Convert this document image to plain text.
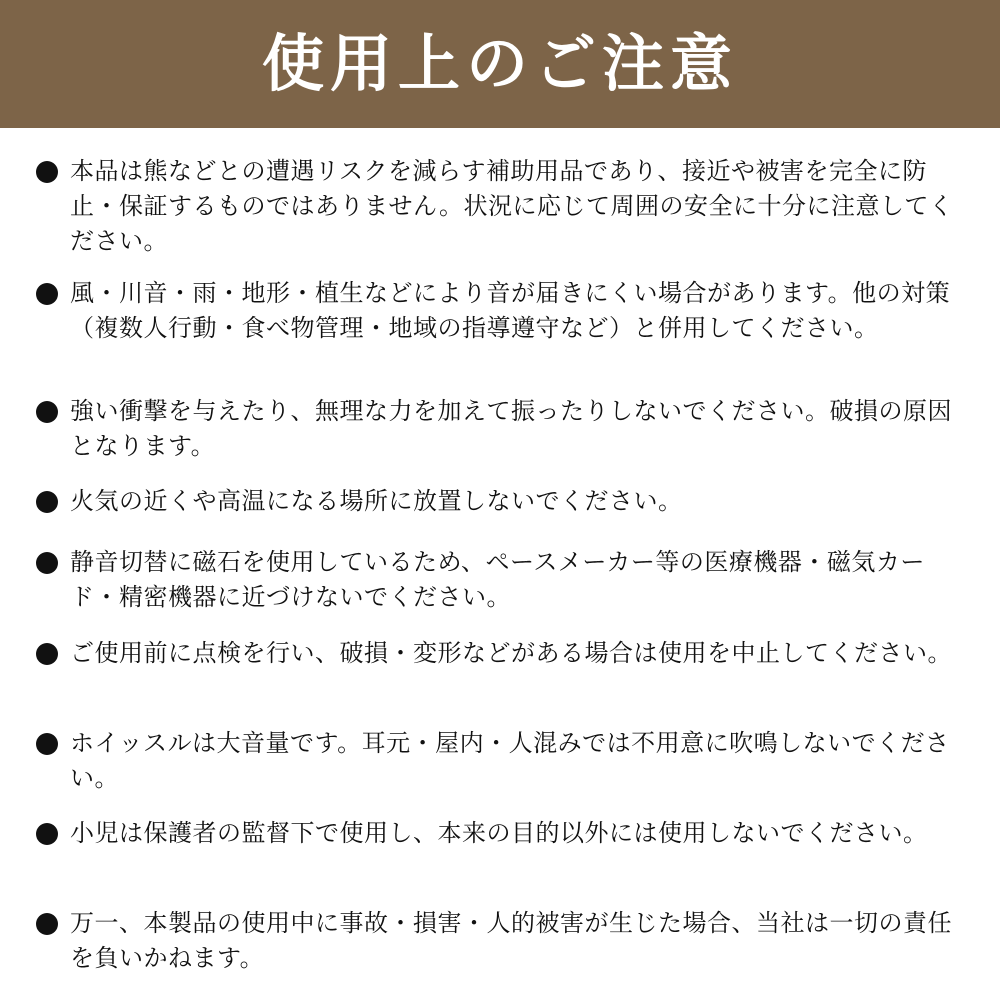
使用上のご注意

本品は熊などとの遭遇リスクを減らす補助用品であり、接近や被害を完全に防止・保証するものではありません。状況に応じて周囲の安全に十分に注意してください。

風・川音・雨・地形・植生などにより音が届きにくい場合があります。他の対策（複数人行動・食べ物管理・地域の指導遵守など）と併用してください。

強い衝撃を与えたり、無理な力を加えて振ったりしないでください。破損の原因となります。

火気の近くや高温になる場所に放置しないでください。

静音切替に磁石を使用しているため、ペースメーカー等の医療機器・磁気カード・精密機器に近づけないでください。

ご使用前に点検を行い、破損・変形などがある場合は使用を中止してください。

ホイッスルは大音量です。耳元・屋内・人混みでは不用意に吹鳴しないでください。

小児は保護者の監督下で使用し、本来の目的以外には使用しないでください。

万一、本製品の使用中に事故・損害・人的被害が生じた場合、当社は一切の責任を負いかねます。
